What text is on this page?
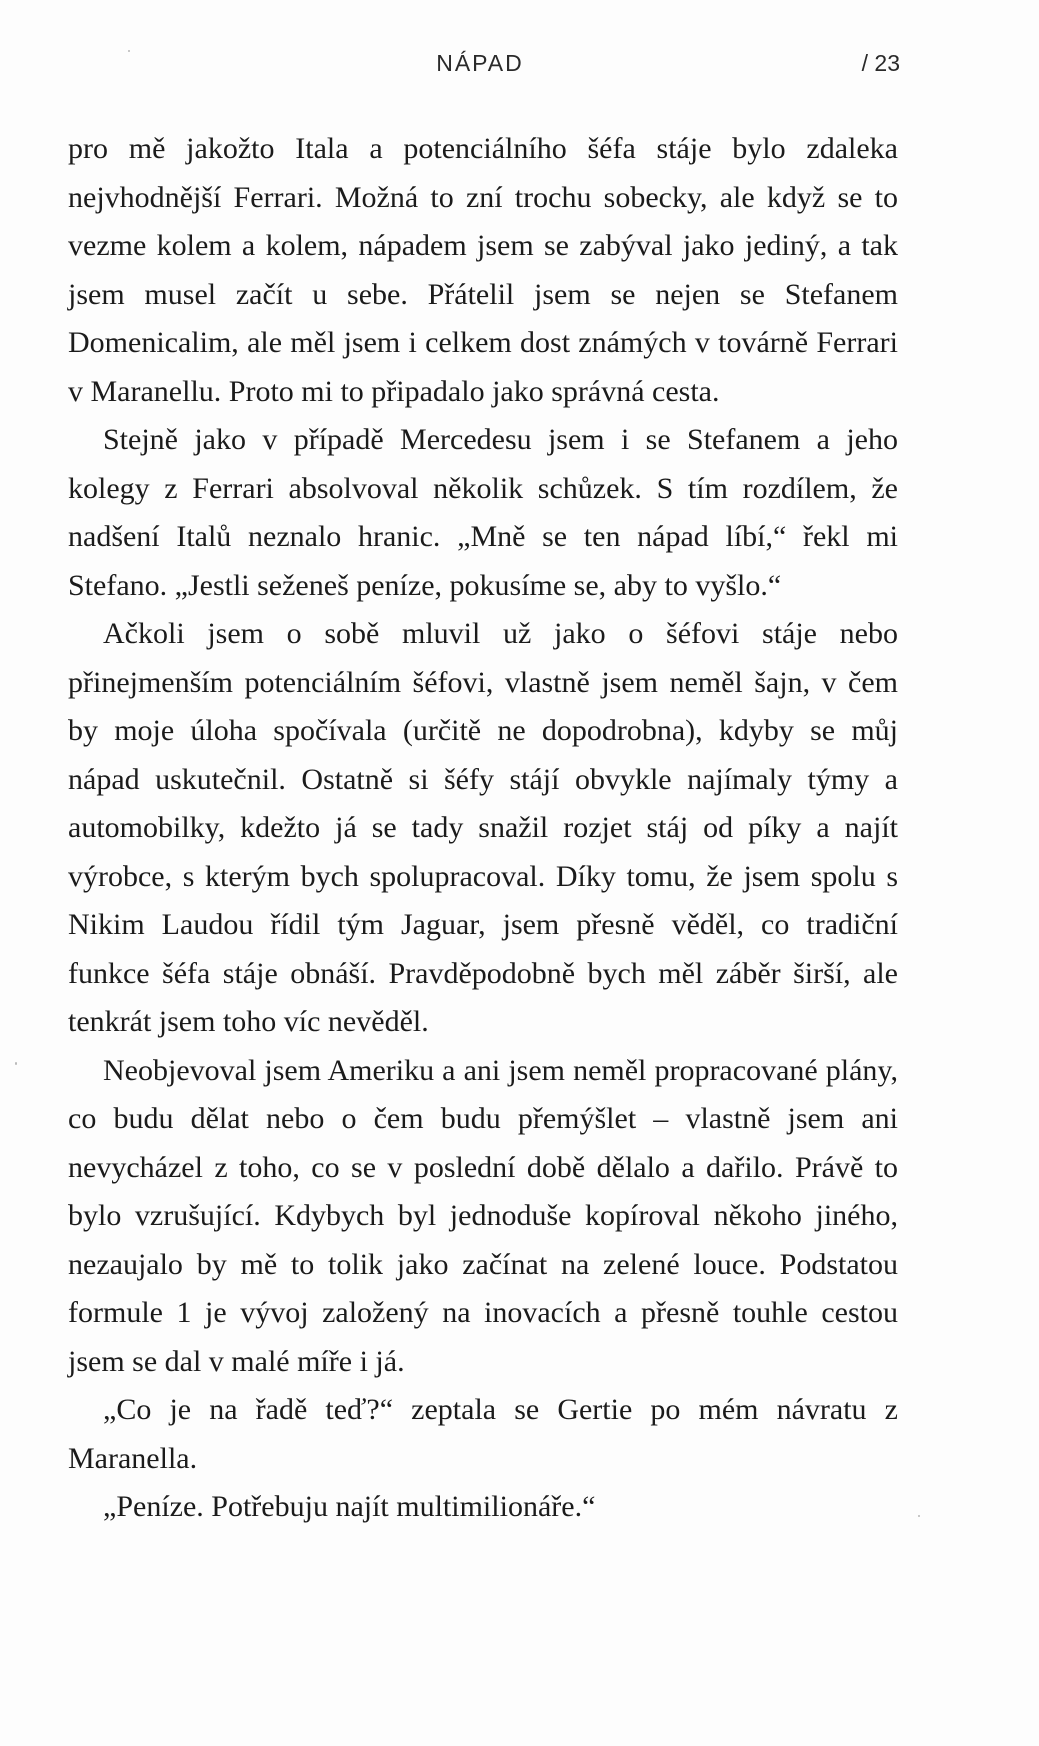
NÁPAD	/ 23

pro mě jakožto Itala a potenciálního šéfa stáje bylo zdaleka nejvhodnější Ferrari. Možná to zní trochu sobecky, ale když se to vezme kolem a kolem, nápadem jsem se zabýval jako jediný, a tak jsem musel začít u sebe. Přátelil jsem se nejen se Stefanem Domenicalim, ale měl jsem i celkem dost známých v továrně Ferrari v Maranellu. Proto mi to připadalo jako správná cesta.

Stejně jako v případě Mercedesu jsem i se Stefanem a jeho kolegy z Ferrari absolvoval několik schůzek. S tím rozdílem, že nadšení Italů neznalo hranic. „Mně se ten nápad líbí,“ řekl mi Stefano. „Jestli seženeš peníze, pokusíme se, aby to vyšlo.“

Ačkoli jsem o sobě mluvil už jako o šéfovi stáje nebo přinejmenším potenciálním šéfovi, vlastně jsem neměl šajn, v čem by moje úloha spočívala (určitě ne dopodrobna), kdyby se můj nápad uskutečnil. Ostatně si šéfy stájí obvykle najímaly týmy a automobilky, kdežto já se tady snažil rozjet stáj od píky a najít výrobce, s kterým bych spolupracoval. Díky tomu, že jsem spolu s Nikim Laudou řídil tým Jaguar, jsem přesně věděl, co tradiční funkce šéfa stáje obnáší. Pravděpodobně bych měl záběr širší, ale tenkrát jsem toho víc nevěděl.

Neobjevoval jsem Ameriku a ani jsem neměl propracované plány, co budu dělat nebo o čem budu přemýšlet – vlastně jsem ani nevycházel z toho, co se v poslední době dělalo a dařilo. Právě to bylo vzrušující. Kdybych byl jednoduše kopíroval někoho jiného, nezaujalo by mě to tolik jako začínat na zelené louce. Podstatou formule 1 je vývoj založený na inovacích a přesně touhle cestou jsem se dal v malé míře i já.

„Co je na řadě teď?“ zeptala se Gertie po mém návratu z Maranella.

„Peníze. Potřebuju najít multimilionáře.“
